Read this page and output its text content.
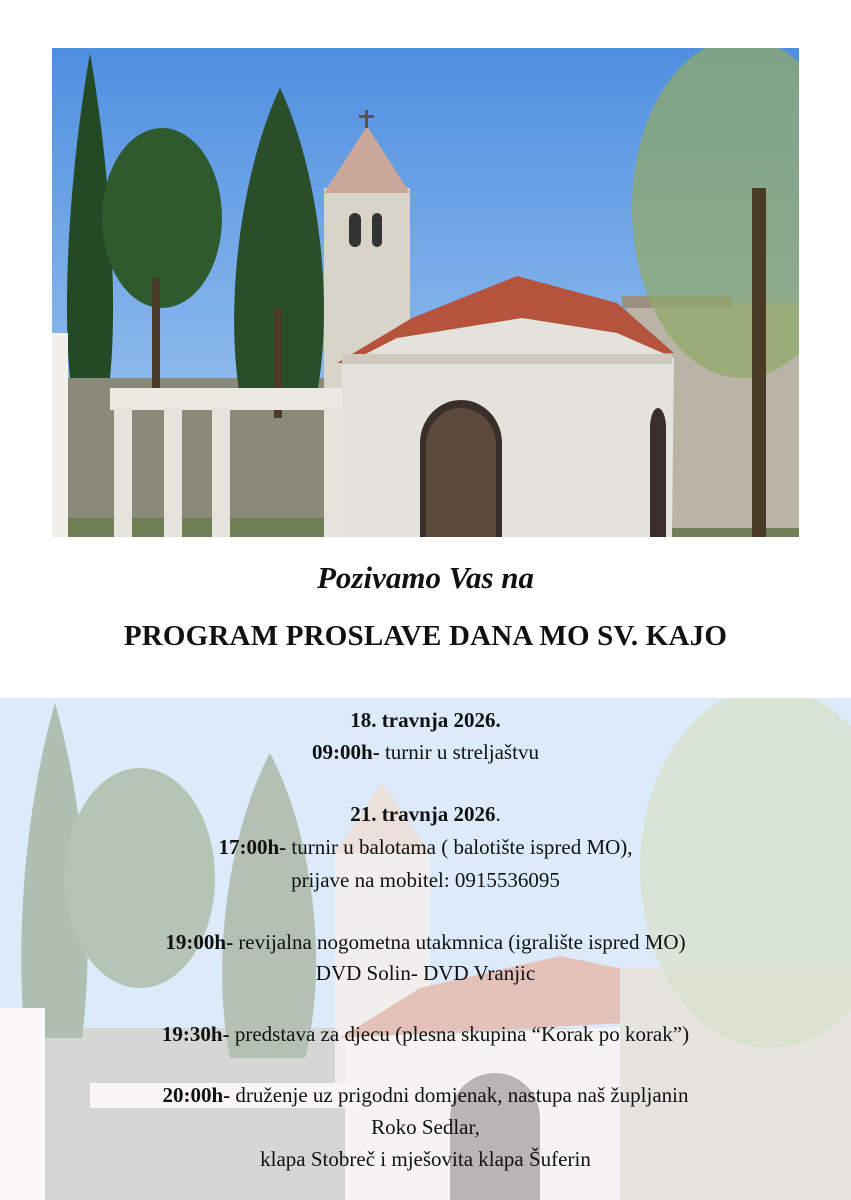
Pozivamo Vas na
PROGRAM PROSLAVE DANA MO SV. KAJO
18. travnja 2026.
09:00h- turnir u streljaštvu
21. travnja 2026.
17:00h- turnir u balotama ( balotište ispred MO),
prijave na mobitel: 0915536095
19:00h- revijalna nogometna utakmnica (igralište ispred MO)
DVD Solin- DVD Vranjic
19:30h- predstava za djecu (plesna skupina “Korak po korak”)
20:00h- druženje uz prigodni domjenak, nastupa naš župljanin
Roko Sedlar,
klapa Stobreč i mješovita klapa Šuferin
